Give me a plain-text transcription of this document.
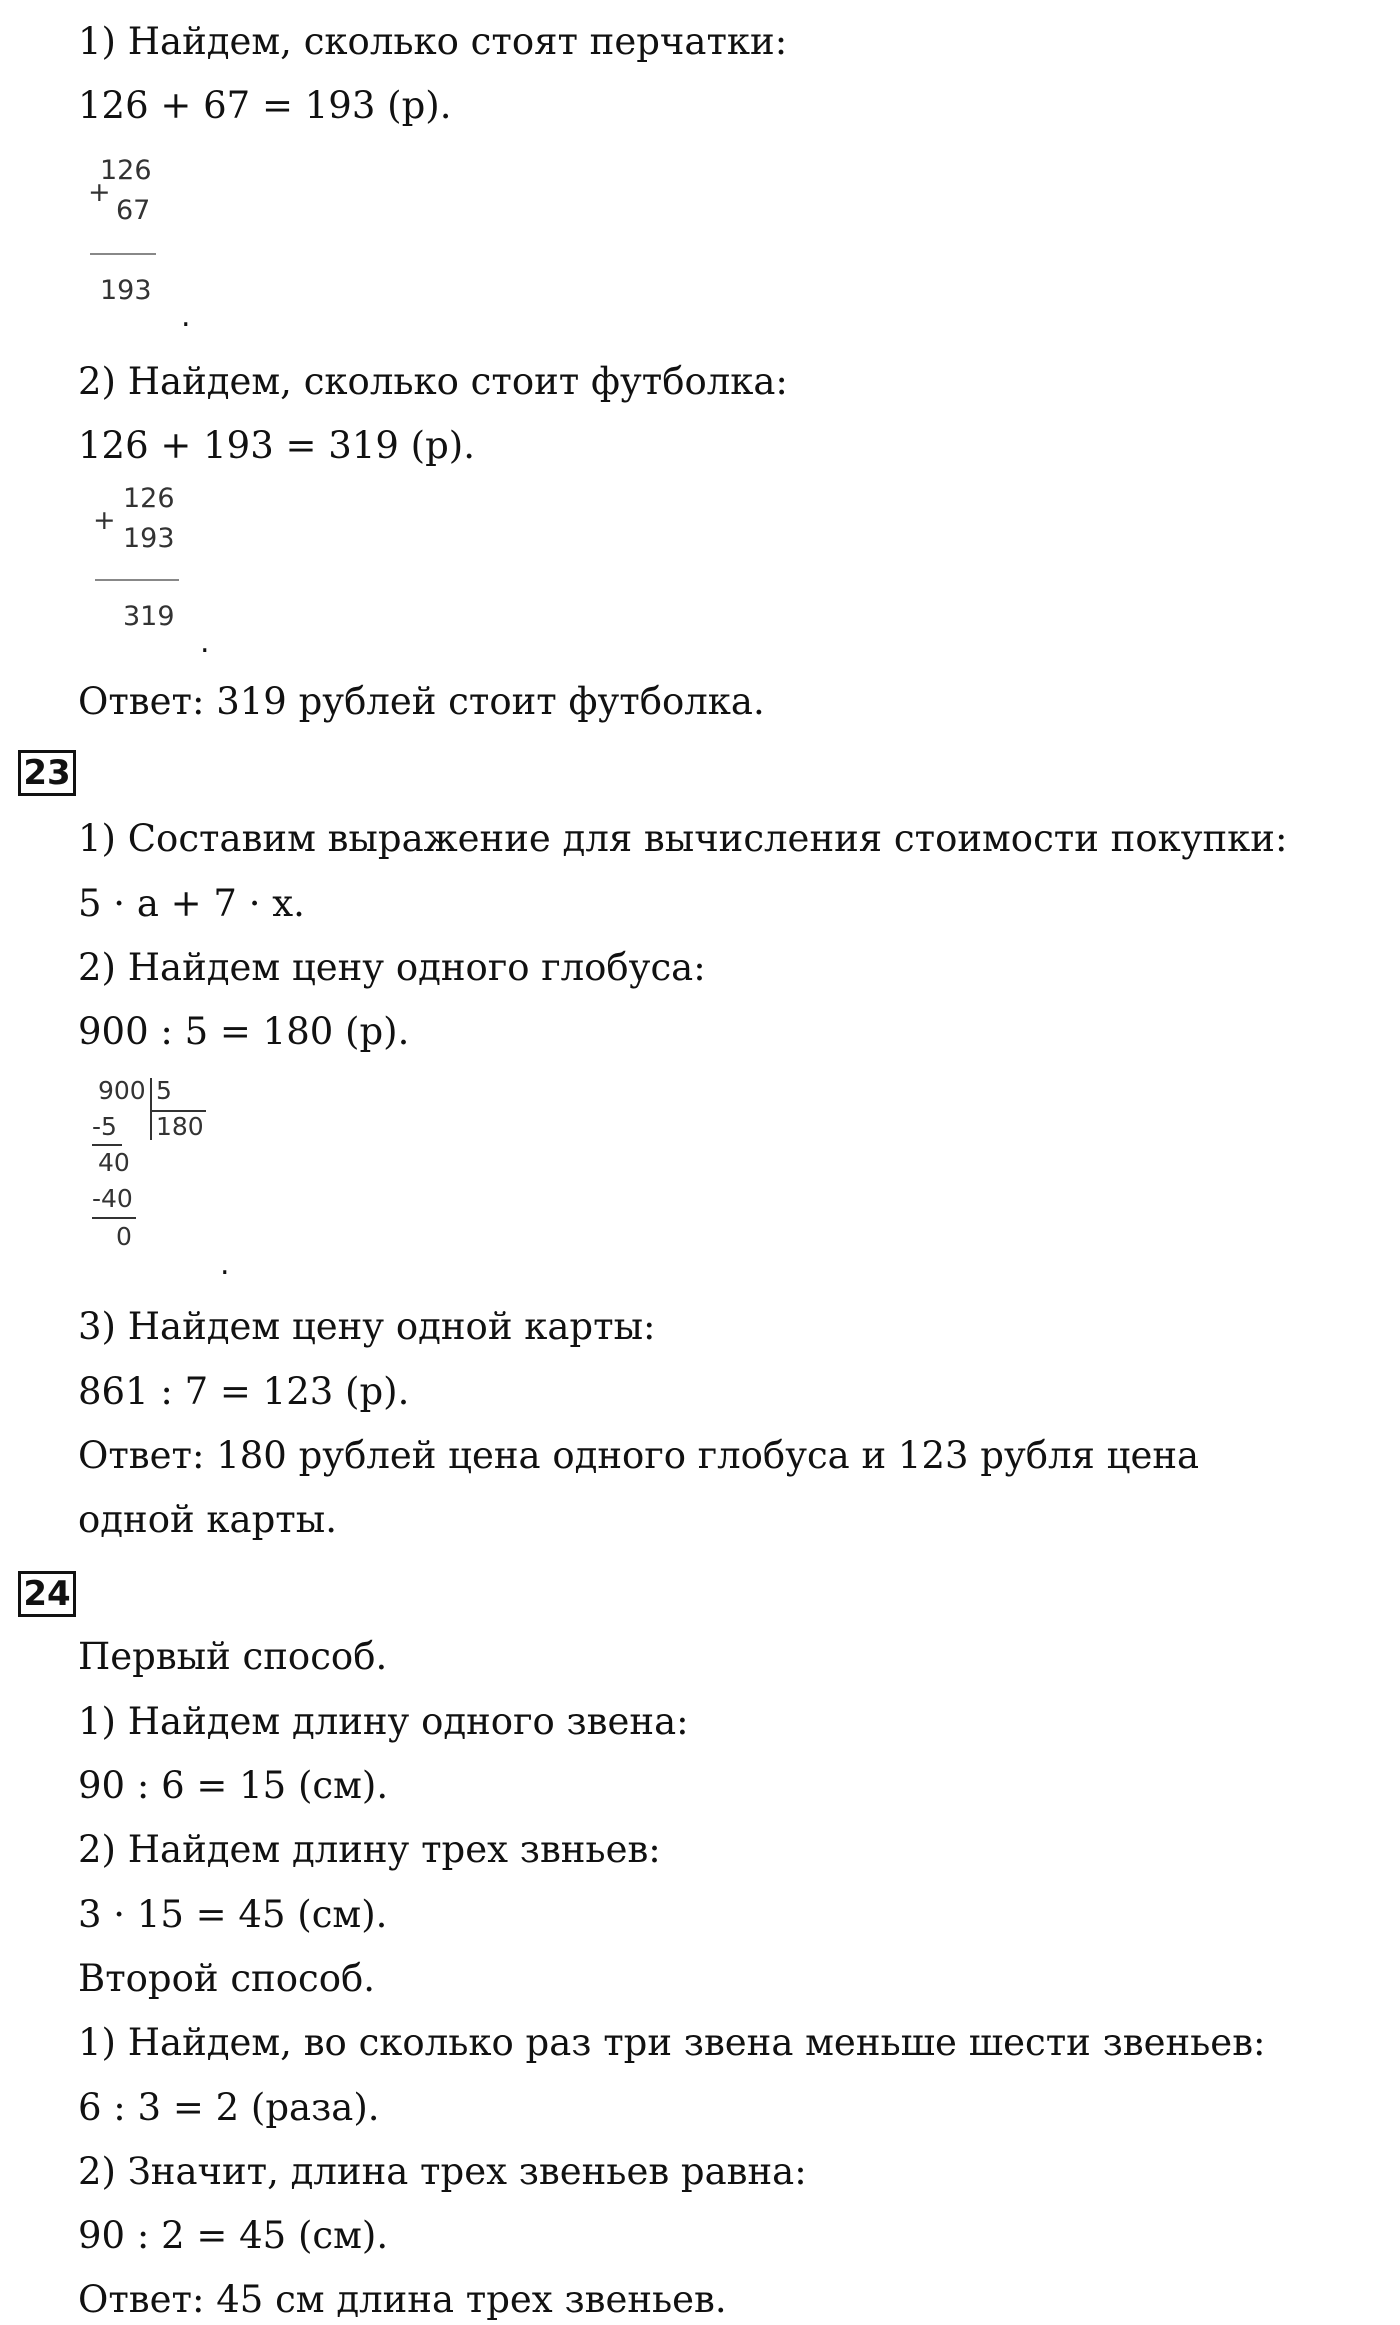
1) Найдем, сколько стоят перчатки:
126 + 67 = 193 (р).
+
126
67
193
.
2) Найдем, сколько стоит футболка:
126 + 193 = 319 (р).
+
126
193
319
.
Ответ: 319 рублей стоит футболка.
23
1) Составим выражение для вычисления стоимости покупки:
5 · a + 7 · x.
2) Найдем цену одного глобуса:
900 : 5 = 180 (р).
900 5
180
-5
40
-40
0
.
3) Найдем цену одной карты:
861 : 7 = 123 (р).
Ответ: 180 рублей цена одного глобуса и 123 рубля цена
одной карты.
24
Первый способ.
1) Найдем длину одного звена:
90 : 6 = 15 (см).
2) Найдем длину трех звньев:
3 · 15 = 45 (см).
Второй способ.
1) Найдем, во сколько раз три звена меньше шести звеньев:
6 : 3 = 2 (раза).
2) Значит, длина трех звеньев равна:
90 : 2 = 45 (см).
Ответ: 45 см длина трех звеньев.
